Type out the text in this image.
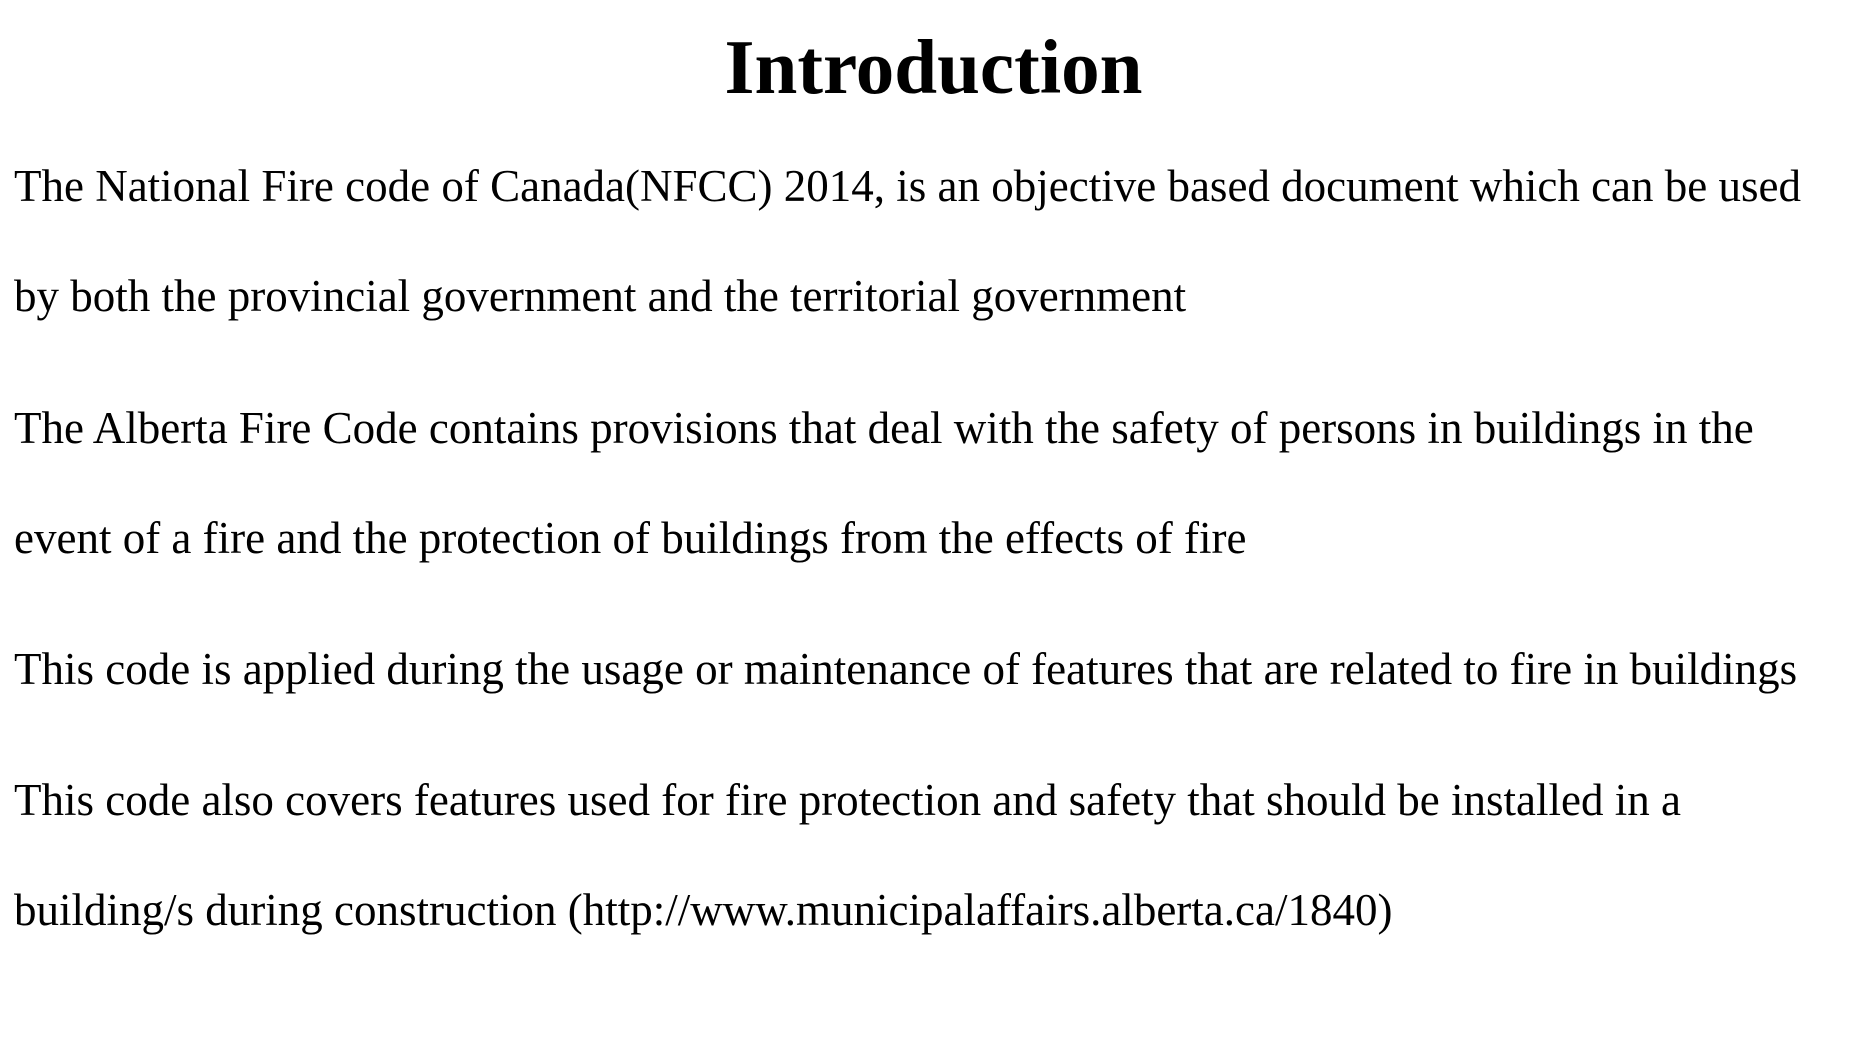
Introduction

The National Fire code of Canada(NFCC) 2014, is an objective based document which can be used

by both the provincial government and the territorial government

The Alberta Fire Code contains provisions that deal with the safety of persons in buildings in the

event of a fire and the protection of buildings from the effects of fire

This code is applied during the usage or maintenance of features that are related to fire in buildings

This code also covers features used for fire protection and safety that should be installed in a

building/s during construction (http://www.municipalaffairs.alberta.ca/1840)
